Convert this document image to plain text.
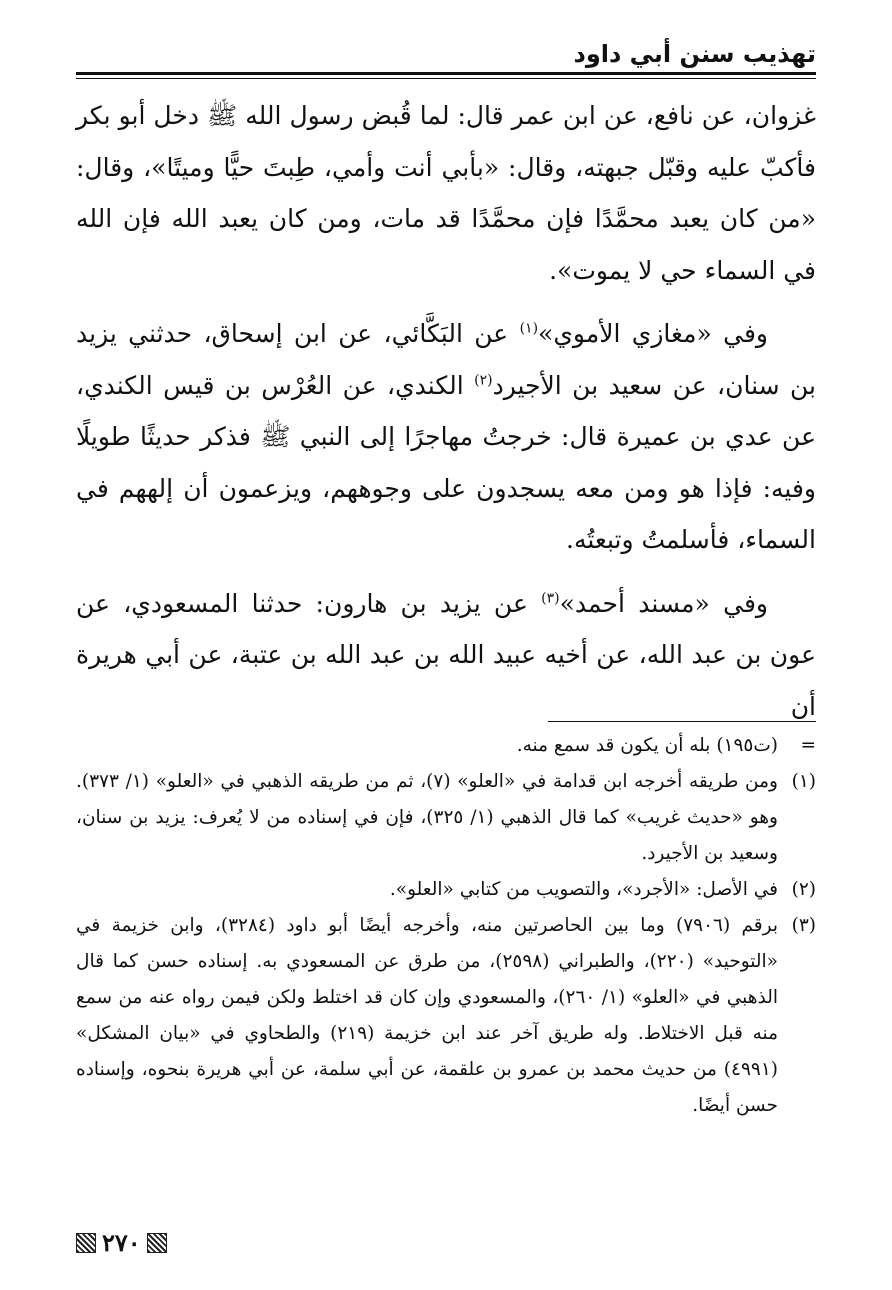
تهذيب سنن أبي داود

غزوان، عن نافع، عن ابن عمر قال: لما قُبض رسول الله ﷺ دخل أبو بكر فأكبّ عليه وقبّل جبهته، وقال: «بأبي أنت وأمي، طِبتَ حيًّا وميتًا»، وقال: «من كان يعبد محمَّدًا فإن محمَّدًا قد مات، ومن كان يعبد الله فإن الله في السماء حي لا يموت».

وفي «مغازي الأموي»$^{(١)}$ عن البَكَّائي، عن ابن إسحاق، حدثني يزيد بن سنان، عن سعيد بن الأجيرد$^{(٢)}$ الكندي، عن العُرْس بن قيس الكندي، عن عدي بن عميرة قال: خرجتُ مهاجرًا إلى النبي ﷺ فذكر حديثًا طويلًا وفيه: فإذا هو ومن معه يسجدون على وجوههم، ويزعمون أن إلههم في السماء، فأسلمتُ وتبعتُه.

وفي «مسند أحمد»$^{(٣)}$ عن يزيد بن هارون: حدثنا المسعودي، عن عون بن عبد الله، عن أخيه عبيد الله بن عبد الله بن عتبة، عن أبي هريرة أن

=
(ت١٩٥) بله أن يكون قد سمع منه.
(١)
ومن طريقه أخرجه ابن قدامة في «العلو» (٧)، ثم من طريقه الذهبي في «العلو» (١/ ٣٧٣). وهو «حديث غريب» كما قال الذهبي (١/ ٣٢٥)، فإن في إسناده من لا يُعرف: يزيد بن سنان، وسعيد بن الأجيرد.
(٢)
في الأصل: «الأجرد»، والتصويب من كتابي «العلو».
(٣)
برقم (٧٩٠٦) وما بين الحاصرتين منه، وأخرجه أيضًا أبو داود (٣٢٨٤)، وابن خزيمة في «التوحيد» (٢٢٠)، والطبراني (٢٥٩٨)، من طرق عن المسعودي به. إسناده حسن كما قال الذهبي في «العلو» (١/ ٢٦٠)، والمسعودي وإن كان قد اختلط ولكن فيمن رواه عنه من سمع منه قبل الاختلاط. وله طريق آخر عند ابن خزيمة (٢١٩) والطحاوي في «بيان المشكل» (٤٩٩١) من حديث محمد بن عمرو بن علقمة، عن أبي سلمة، عن أبي هريرة بنحوه، وإسناده حسن أيضًا.
٢٧٠
